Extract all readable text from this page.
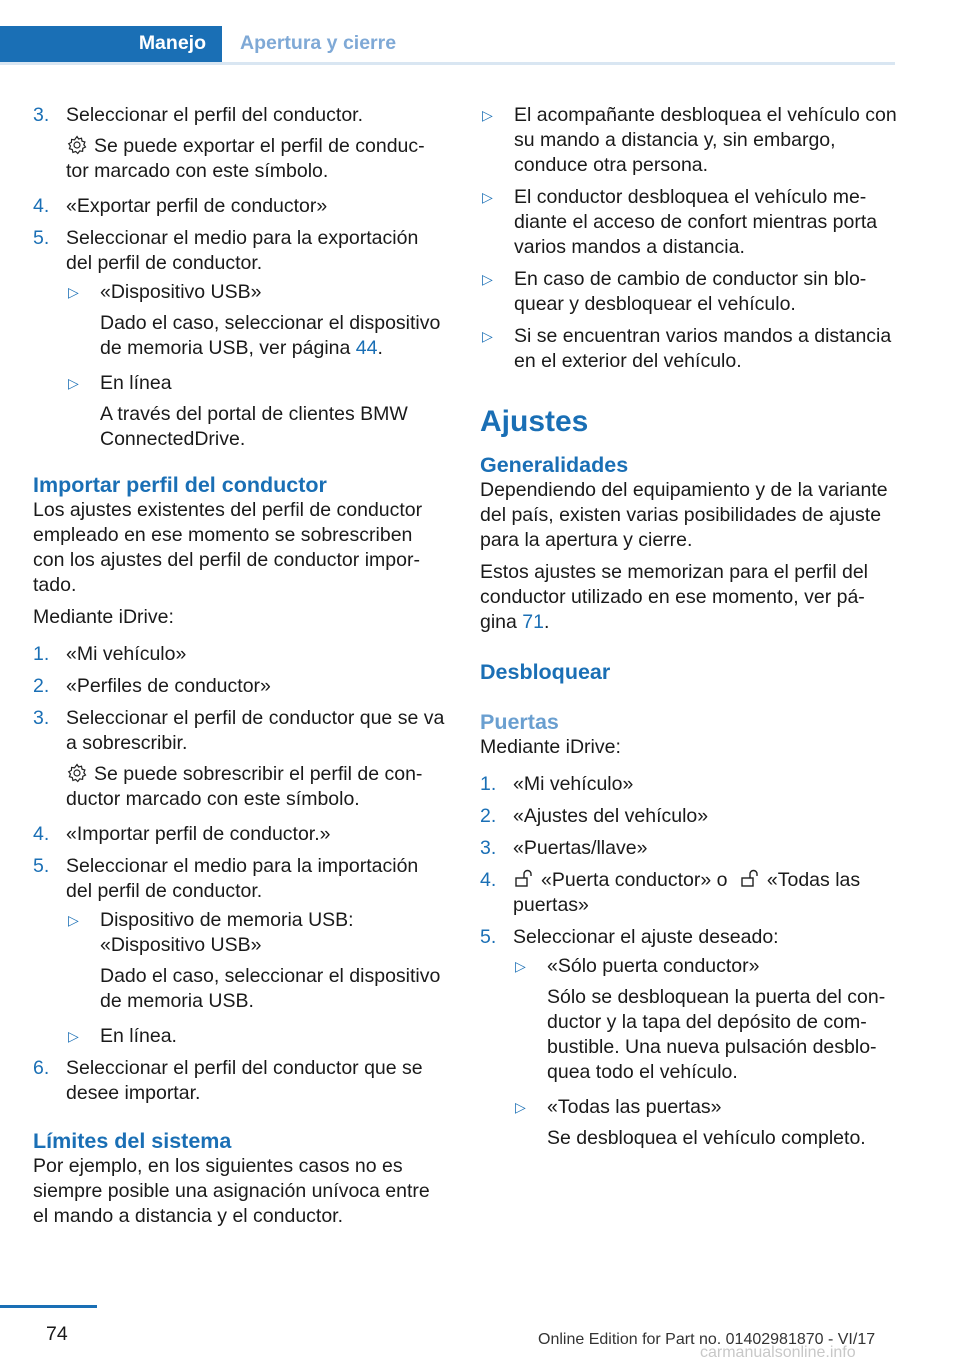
Manejo Apertura y cierre
3. Seleccionar el perfil del conductor.
Se puede exportar el perfil de conduc‐ tor marcado con este símbolo.
4. «Exportar perfil de conductor»
5. Seleccionar el medio para la exportación del perfil de conductor.
▷ «Dispositivo USB»
Dado el caso, seleccionar el dispositivo de memoria USB, ver página 44.
▷ En línea
A través del portal de clientes BMW ConnectedDrive.
Importar perfil del conductor
Los ajustes existentes del perfil de conductor empleado en ese momento se sobrescriben con los ajustes del perfil de conductor impor‐ tado.
Mediante iDrive:
1. «Mi vehículo»
2. «Perfiles de conductor»
3. Seleccionar el perfil de conductor que se va a sobrescribir.
Se puede sobrescribir el perfil de con‐ ductor marcado con este símbolo.
4. «Importar perfil de conductor.»
5. Seleccionar el medio para la importación del perfil de conductor.
▷ Dispositivo de memoria USB: «Dispositivo USB»
Dado el caso, seleccionar el dispositivo de memoria USB.
▷ En línea.
6. Seleccionar el perfil del conductor que se desee importar.
Límites del sistema
Por ejemplo, en los siguientes casos no es siempre posible una asignación unívoca entre el mando a distancia y el conductor.
▷ El acompañante desbloquea el vehículo con su mando a distancia y, sin embargo, conduce otra persona.
▷ El conductor desbloquea el vehículo me‐ diante el acceso de confort mientras porta varios mandos a distancia.
▷ En caso de cambio de conductor sin blo‐ quear y desbloquear el vehículo.
▷ Si se encuentran varios mandos a distancia en el exterior del vehículo.
Ajustes
Generalidades
Dependiendo del equipamiento y de la variante del país, existen varias posibilidades de ajuste para la apertura y cierre.
Estos ajustes se memorizan para el perfil del conductor utilizado en ese momento, ver pá‐ gina 71.
Desbloquear
Puertas
Mediante iDrive:
1. «Mi vehículo»
2. «Ajustes del vehículo»
3. «Puertas/llave»
4.	«Puerta conductor» o «Todas las puertas»
5. Seleccionar el ajuste deseado:
▷ «Sólo puerta conductor»
Sólo se desbloquean la puerta del con‐ ductor y la tapa del depósito de com‐ bustible. Una nueva pulsación desblo‐ quea todo el vehículo.
▷ «Todas las puertas»
Se desbloquea el vehículo completo.
74	Online Edition for Part no. 01402981870 - VI/17
carmanualsonline.info
